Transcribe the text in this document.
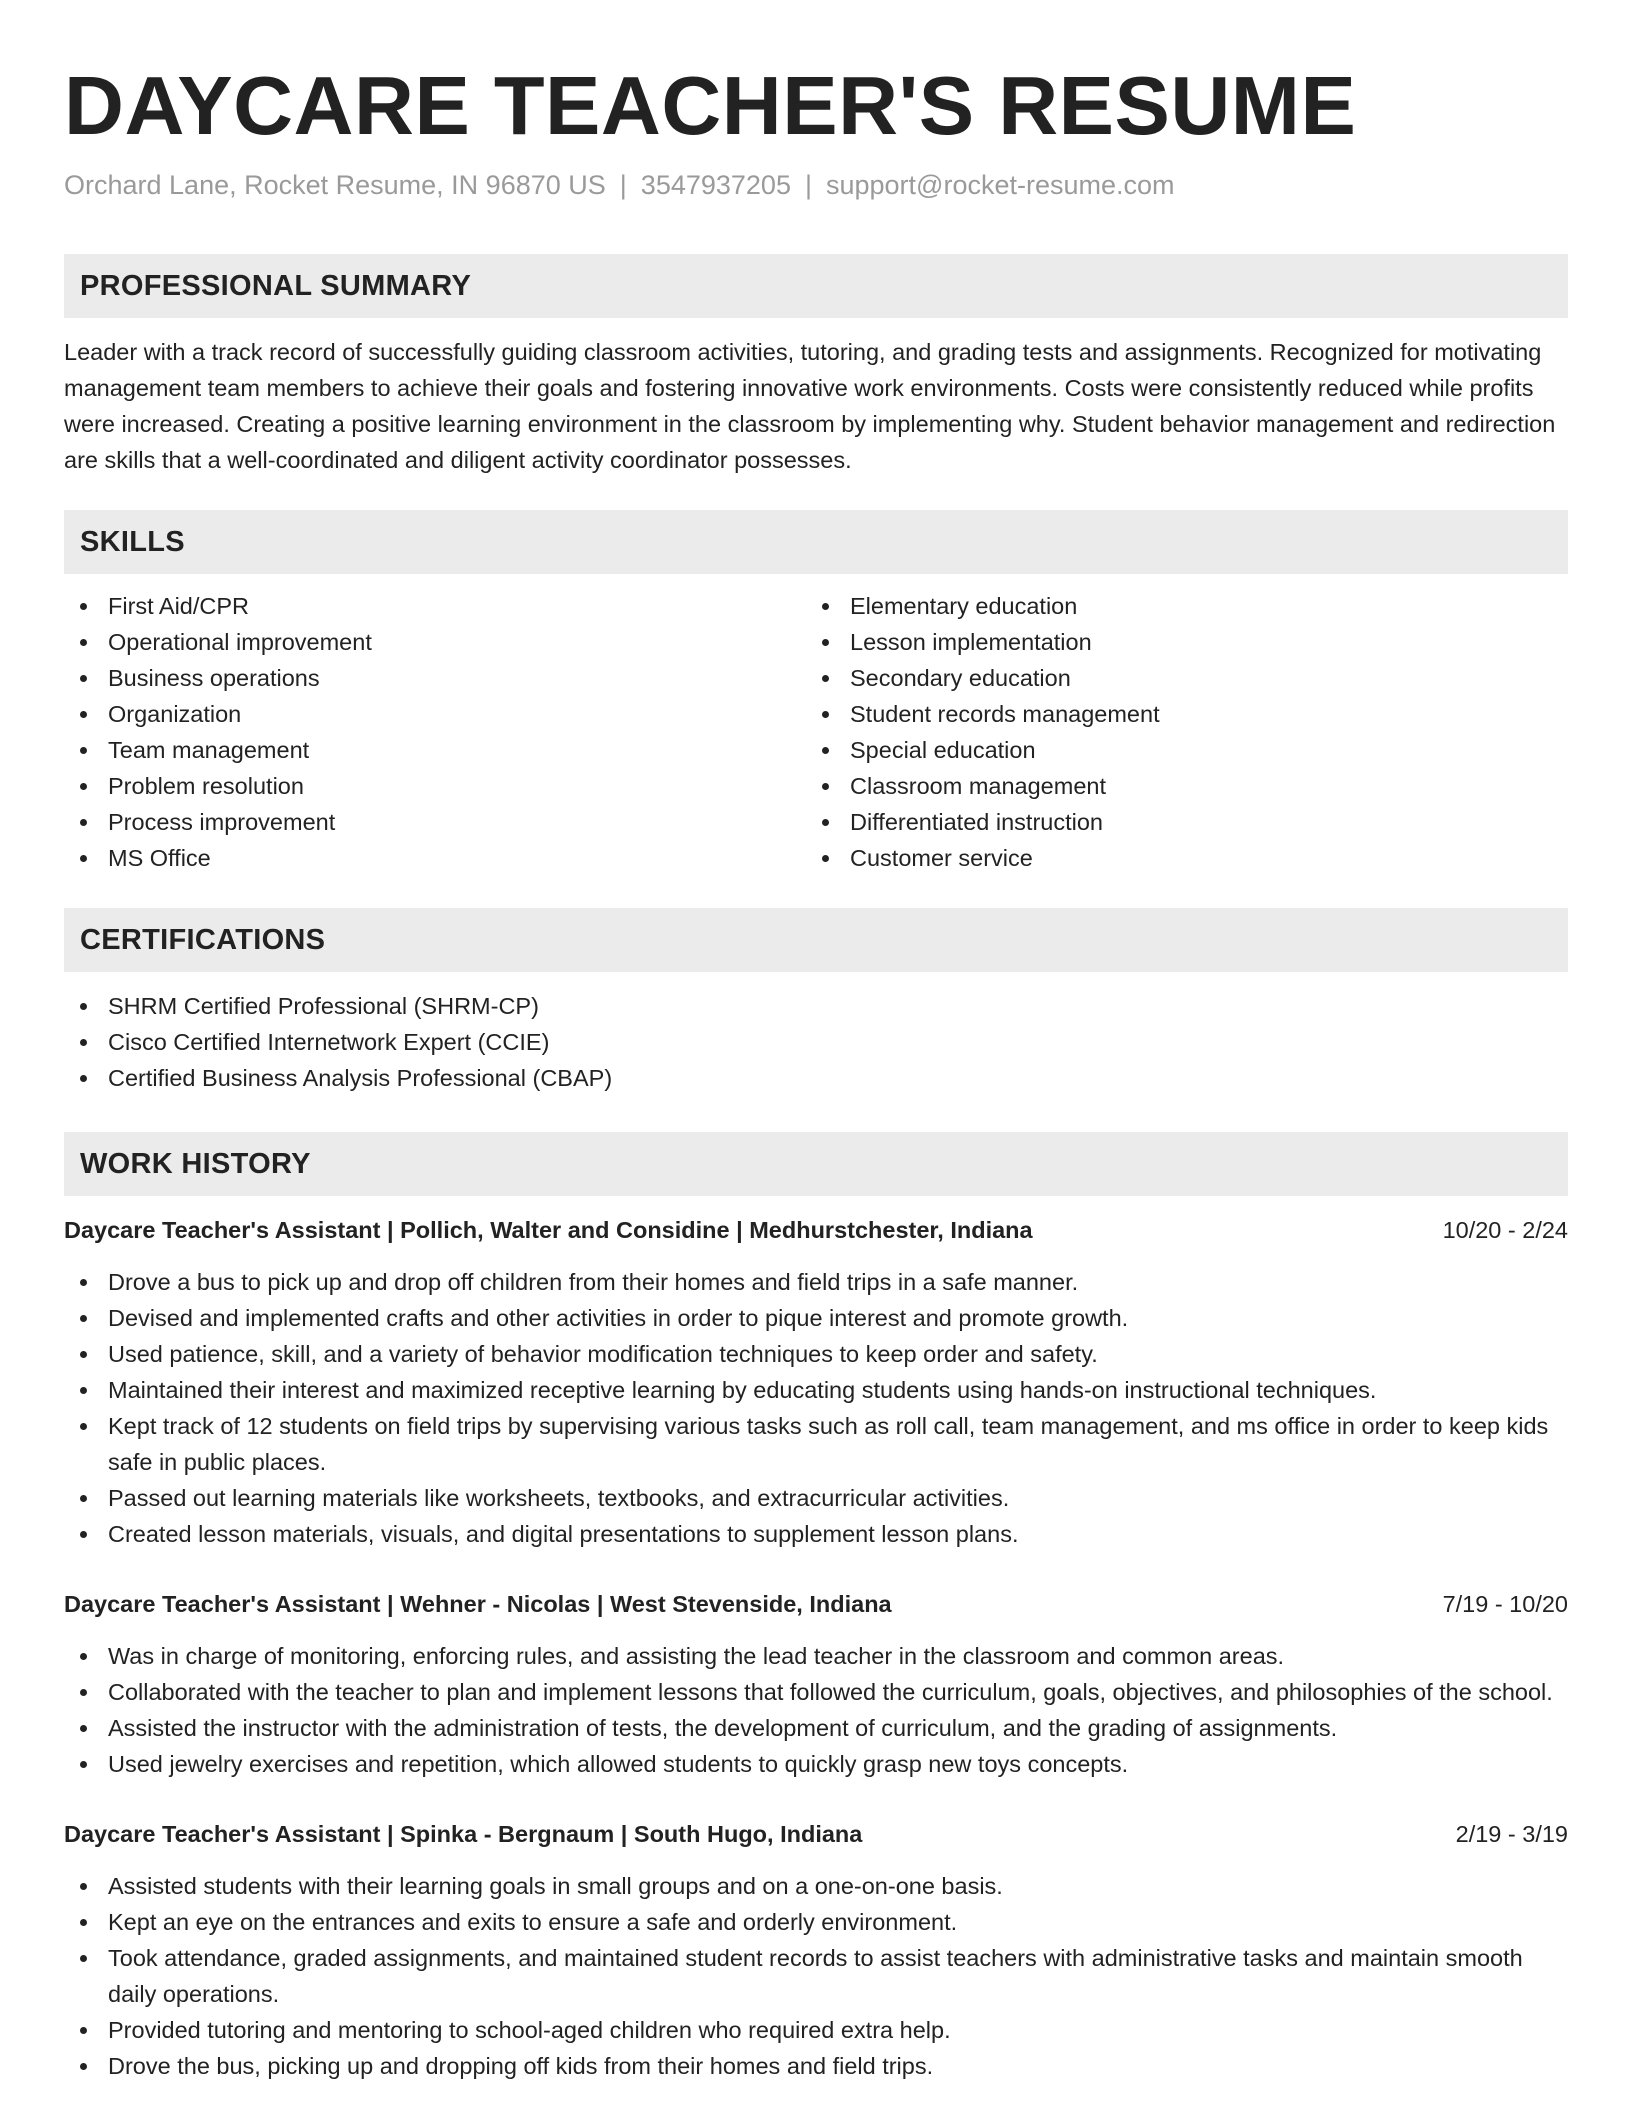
DAYCARE TEACHER'S RESUME
Orchard Lane, Rocket Resume, IN 96870 US | 3547937205 | support@rocket-resume.com
PROFESSIONAL SUMMARY

Leader with a track record of successfully guiding classroom activities, tutoring, and grading tests and assignments. Recognized for motivating management team members to achieve their goals and fostering innovative work environments. Costs were consistently reduced while profits were increased. Creating a positive learning environment in the classroom by implementing why. Student behavior management and redirection are skills that a well-coordinated and diligent activity coordinator possesses.

SKILLS
First Aid/CPR
Operational improvement
Business operations
Organization
Team management
Problem resolution
Process improvement
MS Office
Elementary education
Lesson implementation
Secondary education
Student records management
Special education
Classroom management
Differentiated instruction
Customer service
CERTIFICATIONS
SHRM Certified Professional (SHRM-CP)
Cisco Certified Internetwork Expert (CCIE)
Certified Business Analysis Professional (CBAP)
WORK HISTORY
Daycare Teacher's Assistant | Pollich, Walter and Considine | Medhurstchester, Indiana	10/20 - 2/24
Drove a bus to pick up and drop off children from their homes and field trips in a safe manner.
Devised and implemented crafts and other activities in order to pique interest and promote growth.
Used patience, skill, and a variety of behavior modification techniques to keep order and safety.
Maintained their interest and maximized receptive learning by educating students using hands-on instructional techniques.
Kept track of 12 students on field trips by supervising various tasks such as roll call, team management, and ms office in order to keep kids safe in public places.
Passed out learning materials like worksheets, textbooks, and extracurricular activities.
Created lesson materials, visuals, and digital presentations to supplement lesson plans.
Daycare Teacher's Assistant | Wehner - Nicolas | West Stevenside, Indiana	7/19 - 10/20
Was in charge of monitoring, enforcing rules, and assisting the lead teacher in the classroom and common areas.
Collaborated with the teacher to plan and implement lessons that followed the curriculum, goals, objectives, and philosophies of the school.
Assisted the instructor with the administration of tests, the development of curriculum, and the grading of assignments.
Used jewelry exercises and repetition, which allowed students to quickly grasp new toys concepts.
Daycare Teacher's Assistant | Spinka - Bergnaum | South Hugo, Indiana	2/19 - 3/19
Assisted students with their learning goals in small groups and on a one-on-one basis.
Kept an eye on the entrances and exits to ensure a safe and orderly environment.
Took attendance, graded assignments, and maintained student records to assist teachers with administrative tasks and maintain smooth daily operations.
Provided tutoring and mentoring to school-aged children who required extra help.
Drove the bus, picking up and dropping off kids from their homes and field trips.
